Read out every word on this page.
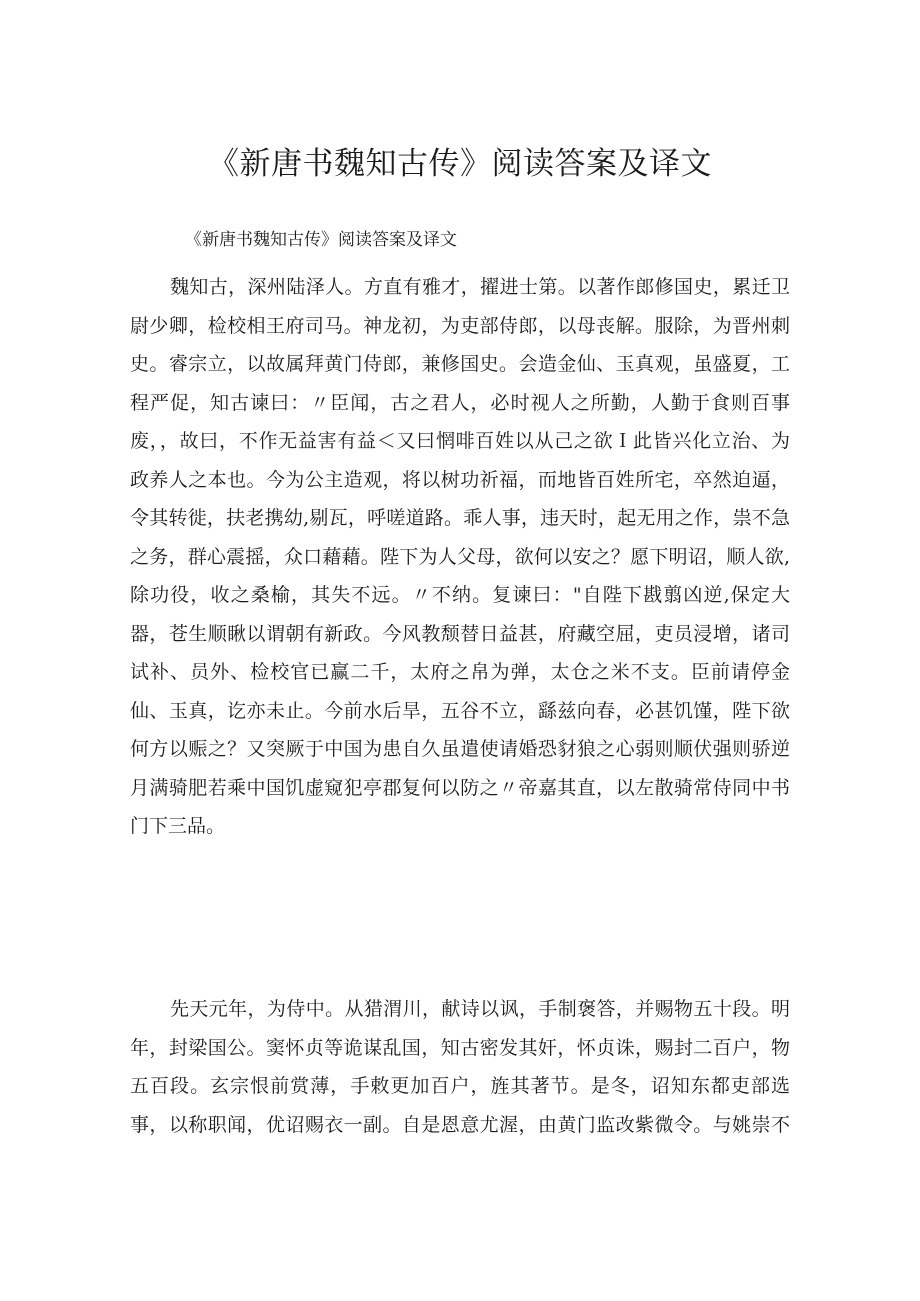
《新唐书魏知古传》阅读答案及译文

《新唐书魏知古传》阅读答案及译文

魏知古，深州陆泽人。方直有雅才，擢进士第。以著作郎修国史，累迁卫
尉少卿，检校相王府司马。神龙初，为吏部侍郎，以母丧解。服除，为晋州刺
史。睿宗立，以故属拜黄门侍郎，兼修国史。会造金仙、玉真观，虽盛夏，工
程严促，知古谏曰：〃臣闻，古之君人，必时视人之所勤，人勤于食则百事
废，，故曰，不作无益害有益＜又曰惘啡百姓以从己之欲Ｉ此皆兴化立治、为
政养人之本也。今为公主造观，将以树功祈福，而地皆百姓所宅，卒然迫逼，
令其转徙，扶老携幼,剔瓦，呼嗟道路。乖人事，违天时，起无用之作，祟不急
之务，群心震摇，众口藉藉。陛下为人父母，欲何以安之？愿下明诏，顺人欲,
除功役，收之桑榆，其失不远。〃不纳。复谏曰："自陛下戡翦凶逆,保定大
器，苍生顺瞅以谓朝有新政。今风教颓替日益甚，府藏空屈，吏员浸增，诸司
试补、员外、检校官已赢二千，太府之帛为弹，太仓之米不支。臣前请停金
仙、玉真，讫亦未止。今前水后旱，五谷不立，繇兹向春，必甚饥馑，陛下欲
何方以赈之？又突厥于中国为患自久虽遣使请婚恐豺狼之心弱则顺伏强则骄逆
月满骑肥若乘中国饥虚窥犯亭郡复何以防之〃帝嘉其直，以左散骑常侍同中书
门下三品。
先天元年，为侍中。从猎渭川，献诗以讽，手制褒答，并赐物五十段。明
年，封梁国公。窦怀贞等诡谋乱国，知古密发其奸，怀贞诛，赐封二百户，物
五百段。玄宗恨前赏薄，手敕更加百户，旌其著节。是冬，诏知东都吏部选
事，以称职闻，优诏赐衣一副。自是恩意尤渥，由黄门监改紫微令。与姚崇不
